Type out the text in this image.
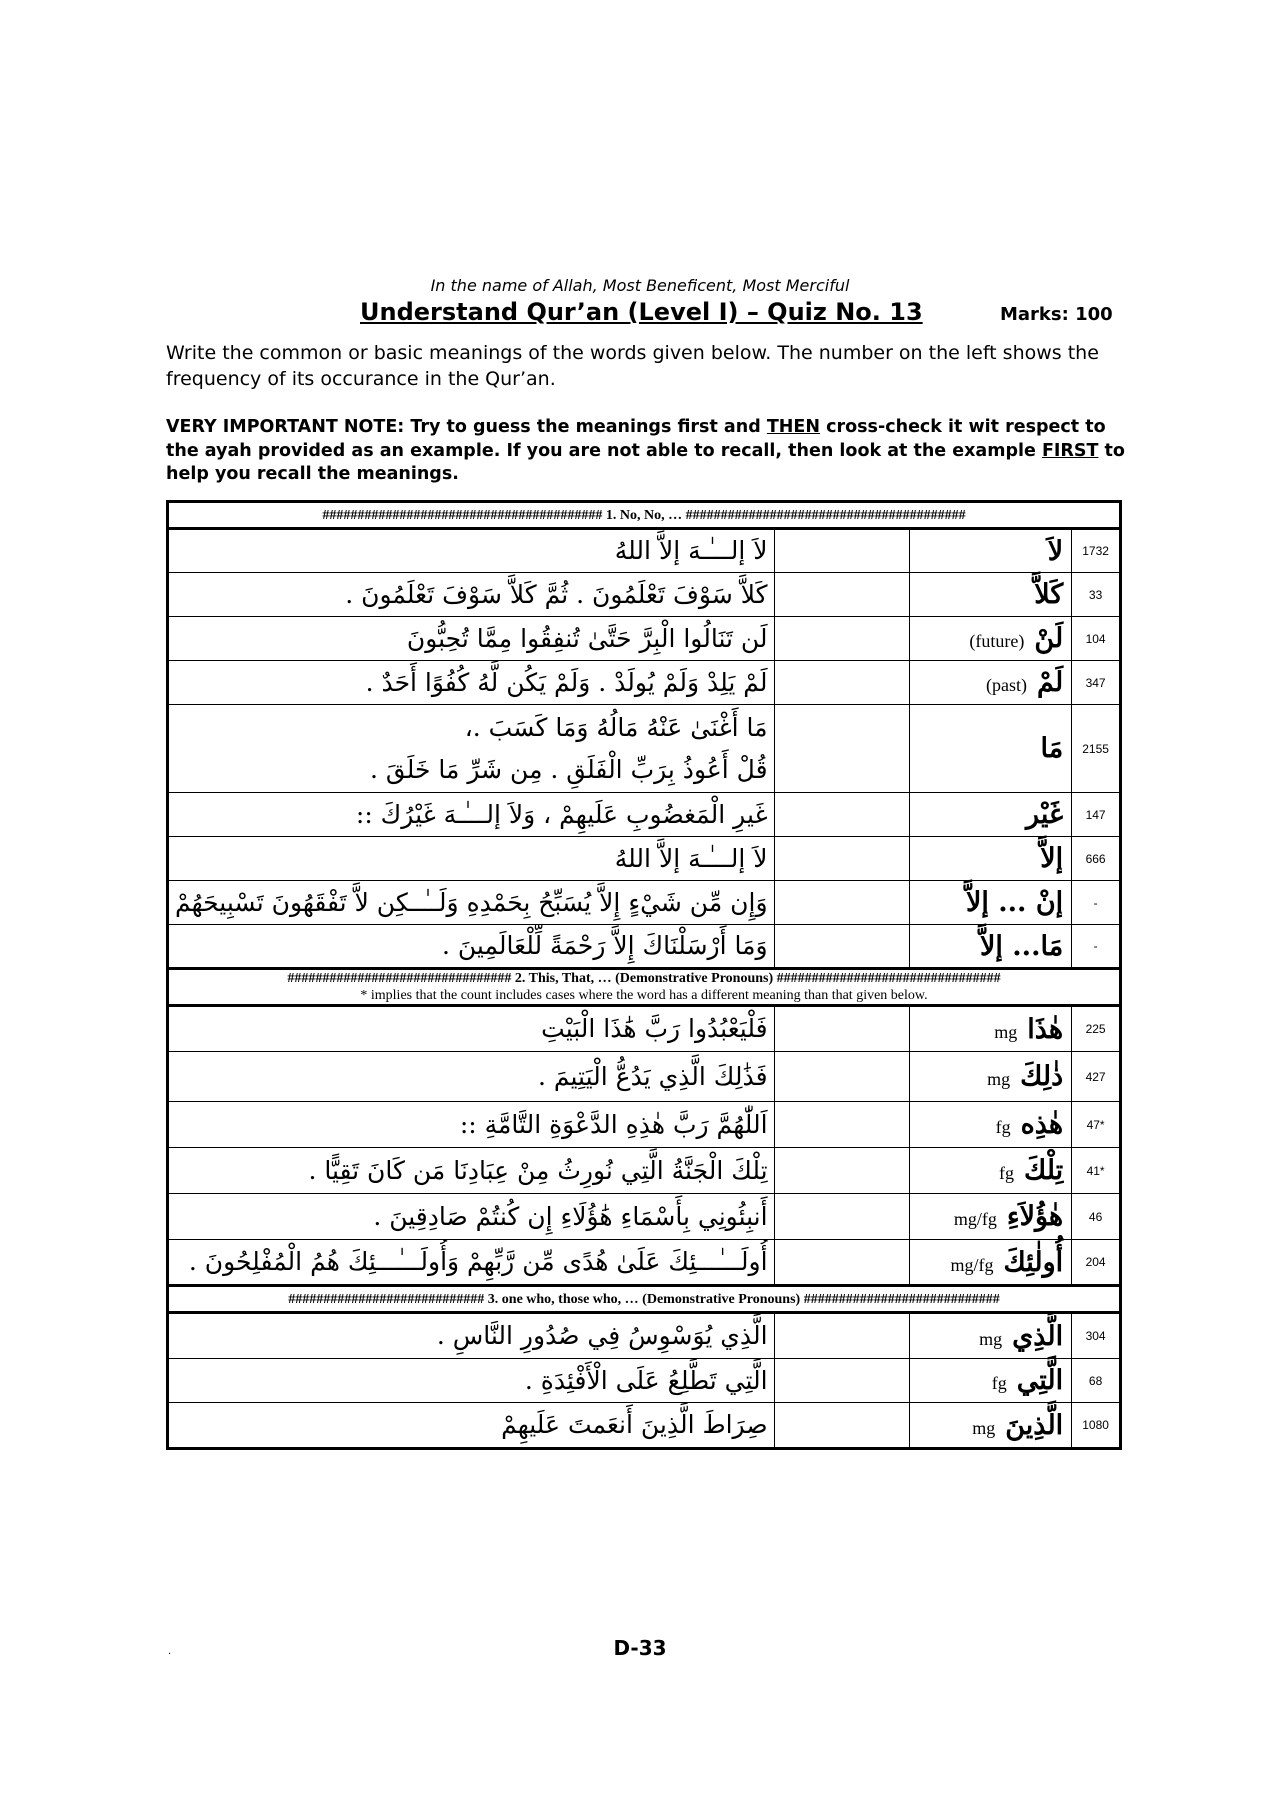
In the name of Allah, Most Beneficent, Most Merciful
Understand Qur’an (Level I) – Quiz No. 13	Marks: 100
Write the common or basic meanings of the words given below. The number on the left shows the frequency of its occurance in the Qur’an.
VERY IMPORTANT NOTE: Try to guess the meanings first and THEN cross-check it wit respect to the ayah provided as an example. If you are not able to recall, then look at the example FIRST to help you recall the meanings.
######################################## 1. No, No, … ########################################			

لاَ إلـــٰـهَ إلاَّ اللهُ		لاَ	1732

كَلاَّ سَوْفَ تَعْلَمُونَ . ثُمَّ كَلاَّ سَوْفَ تَعْلَمُونَ .		كَلاَّ	33

لَن تَنَالُوا الْبِرَّ حَتَّىٰ تُنفِقُوا مِمَّا تُحِبُّونَ		(future) لَنْ	104

لَمْ يَلِدْ وَلَمْ يُولَدْ . وَلَمْ يَكُن لَّهُ كُفُوًا أَحَدٌ .		(past) لَمْ	347

مَا أَغْنَىٰ عَنْهُ مَالُهُ وَمَا كَسَبَ .،
قُلْ أَعُوذُ بِرَبِّ الْفَلَقِ . مِن شَرِّ مَا خَلَقَ .		مَا	2155

غَيرِ الْمَغضُوبِ عَلَيهِمْ ، وَلاَ إلـــٰـهَ غَيْرُكَ ::		غَيْر	147

لاَ إلـــٰـهَ إلاَّ اللهُ		إلاَّ	666

وَإِن مِّن شَيْءٍ إِلاَّ يُسَبِّحُ بِحَمْدِهِ وَلَــٰــكِن لاَّ تَفْقَهُونَ تَسْبِيحَهُمْ		إنْ ... إلاَّ	-

وَمَا أَرْسَلْنَاكَ إِلاَّ رَحْمَةً لِّلْعَالَمِينَ .		مَا... إلاَّ	-
################################ 2. This, That, … (Demonstrative Pronouns) ################################
* implies that the count includes cases where the word has a different meaning than that given below.			

فَلْيَعْبُدُوا رَبَّ هَٰذَا الْبَيْتِ		mg هٰذَا	225

فَذَٰلِكَ الَّذِي يَدُعُّ الْيَتِيمَ .		mg ذٰلِكَ	427

اَللّٰهُمَّ رَبَّ هٰذِهِ الدَّعْوَةِ التَّامَّةِ ::		fg هٰذِه	47*

تِلْكَ الْجَنَّةُ الَّتِي نُورِثُ مِنْ عِبَادِنَا مَن كَانَ تَقِيًّا .		fg تِلْكَ	41*

أَنبِئُونِي بِأَسْمَاءِ هَٰؤُلَاءِ إِن كُنتُمْ صَادِقِينَ .		mg/fg هٰؤُلاَءِ	46

أُولَـــٰـــئِكَ عَلَىٰ هُدًى مِّن رَّبِّهِمْ وَأُولَـــٰـــئِكَ هُمُ الْمُفْلِحُونَ .		mg/fg أُولٰئِكَ	204
############################ 3. one who, those who, … (Demonstrative Pronouns) ############################			

الَّذِي يُوَسْوِسُ فِي صُدُورِ النَّاسِ .		mg الَّذِي	304

الَّتِي تَطَّلِعُ عَلَى الْأَفْئِدَةِ .		fg الَّتِي	68

صِرَاطَ الَّذِينَ أَنعَمتَ عَلَيهِمْ		mg الَّذِينَ	1080
.	D-33
